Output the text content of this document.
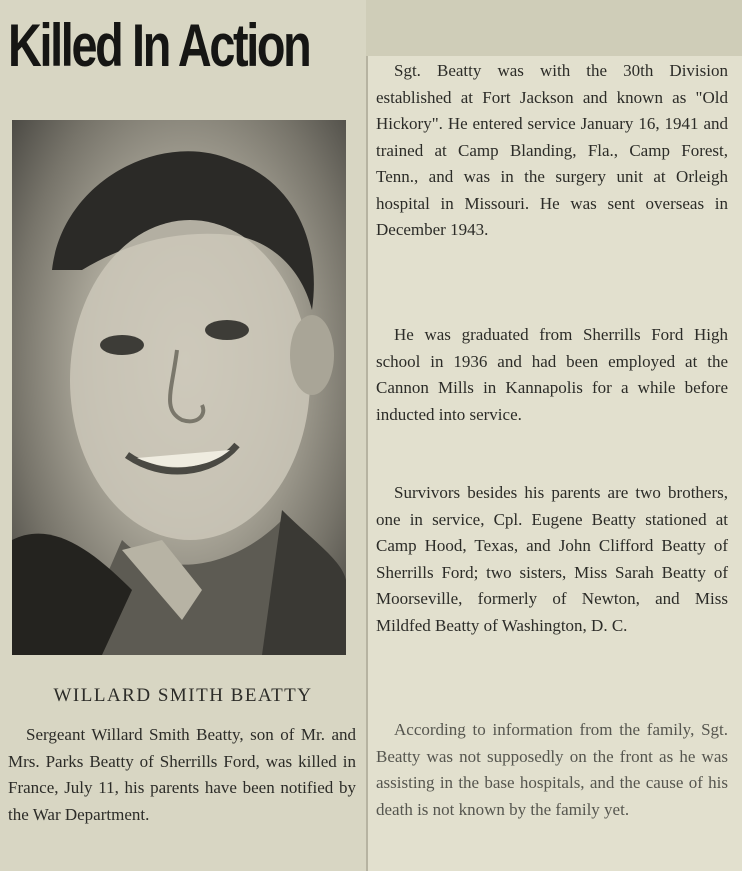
Killed In Action
WILLARD SMITH BEATTY

Sergeant Willard Smith Beatty, son of Mr. and Mrs. Parks Beatty of Sherrills Ford, was killed in France, July 11, his parents have been notified by the War Department.

Sgt. Beatty was with the 30th Division established at Fort Jackson and known as "Old Hickory". He entered service January 16, 1941 and trained at Camp Blanding, Fla., Camp Forest, Tenn., and was in the surgery unit at Orleigh hospital in Missouri. He was sent overseas in December 1943.

He was graduated from Sherrills Ford High school in 1936 and had been employed at the Cannon Mills in Kannapolis for a while before inducted into service.

Survivors besides his parents are two brothers, one in service, Cpl. Eugene Beatty stationed at Camp Hood, Texas, and John Clifford Beatty of Sherrills Ford; two sisters, Miss Sarah Beatty of Moorseville, formerly of Newton, and Miss Mildfed Beatty of Washington, D. C.

According to information from the family, Sgt. Beatty was not supposedly on the front as he was assisting in the base hospitals, and the cause of his death is not known by the family yet.
